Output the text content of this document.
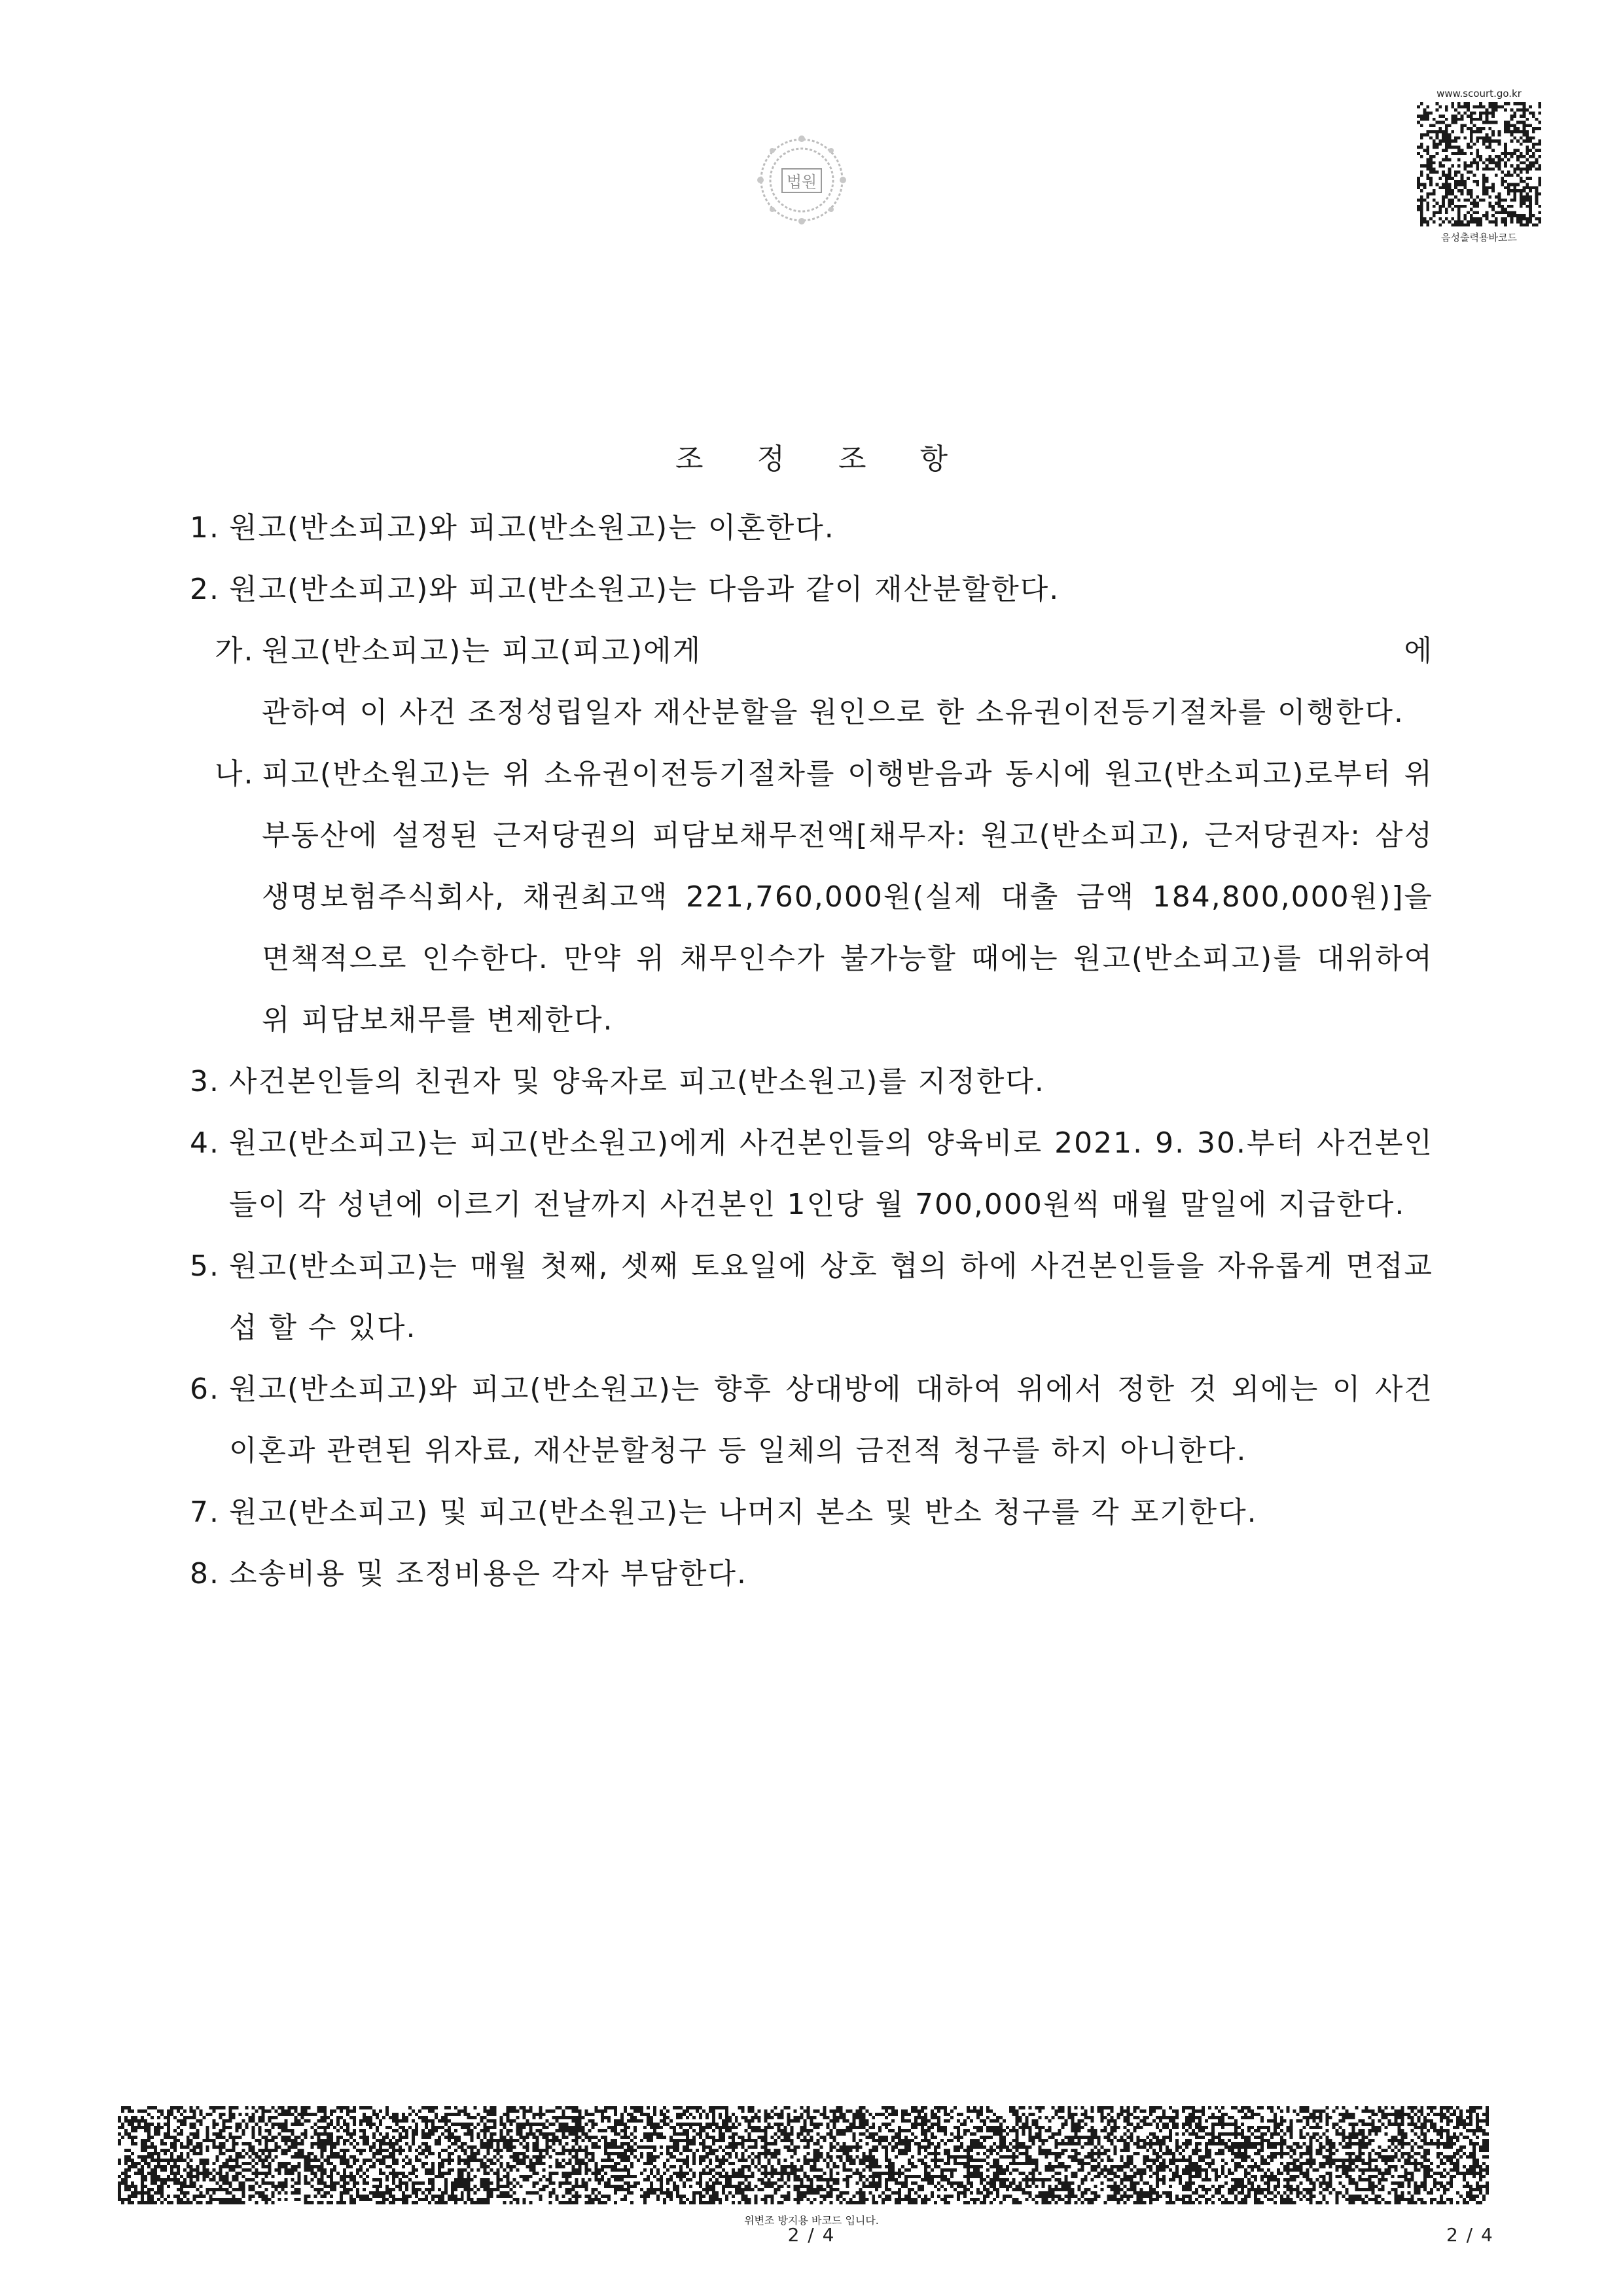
법원
www.scourt.go.kr
음성출력용바코드
조 정 조 항
1. 원고(반소피고)와 피고(반소원고)는 이혼한다.
2. 원고(반소피고)와 피고(반소원고)는 다음과 같이 재산분할한다.
가. 원고(반소피고)는 피고(피고)에게	에 관하여 이 사건 조정성립일자 재산분할을 원인으로 한 소유권이전등기절차를 이행한다.
나. 피고(반소원고)는 위 소유권이전등기절차를 이행받음과 동시에 원고(반소피고)로부터 위 부동산에 설정된 근저당권의 피담보채무전액[채무자: 원고(반소피고), 근저당권자: 삼성생명보험주식회사, 채권최고액 221,760,000원(실제 대출 금액 184,800,000원)]을 면책적으로 인수한다. 만약 위 채무인수가 불가능할 때에는 원고(반소피고)를 대위하여 위 피담보채무를 변제한다.
3. 사건본인들의 친권자 및 양육자로 피고(반소원고)를 지정한다.
4. 원고(반소피고)는 피고(반소원고)에게 사건본인들의 양육비로 2021. 9. 30.부터 사건본인들이 각 성년에 이르기 전날까지 사건본인 1인당 월 700,000원씩 매월 말일에 지급한다.
5. 원고(반소피고)는 매월 첫째, 셋째 토요일에 상호 협의 하에 사건본인들을 자유롭게 면접교섭 할 수 있다.
6. 원고(반소피고)와 피고(반소원고)는 향후 상대방에 대하여 위에서 정한 것 외에는 이 사건 이혼과 관련된 위자료, 재산분할청구 등 일체의 금전적 청구를 하지 아니한다.
7. 원고(반소피고) 및 피고(반소원고)는 나머지 본소 및 반소 청구를 각 포기한다.
8. 소송비용 및 조정비용은 각자 부담한다.
위변조 방지용 바코드 입니다.
2 / 4	2 / 4
